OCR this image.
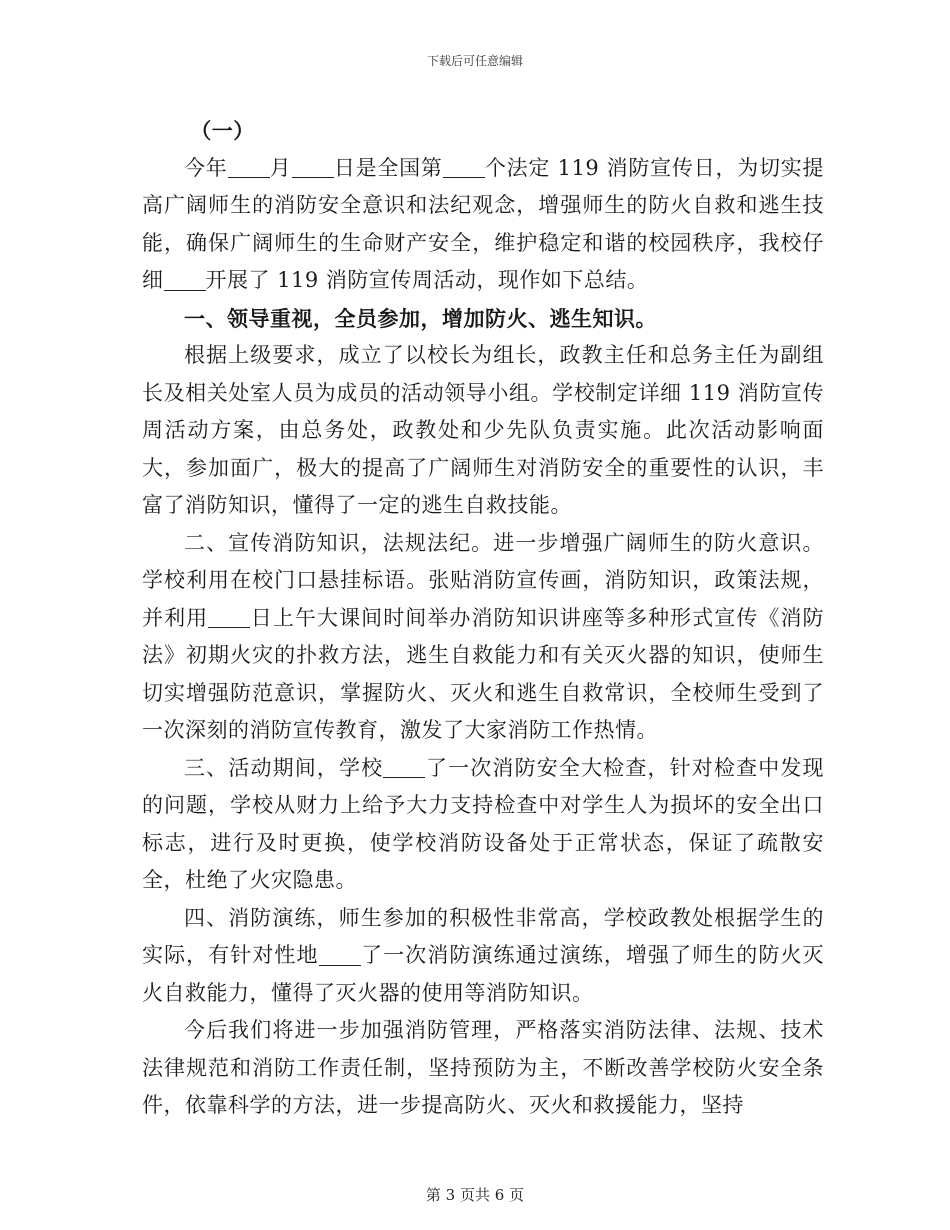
下载后可任意编辑

（一）

今年 月 日是全国第 个法定 119 消防宣传日，为切实提高广阔师生的消防安全意识和法纪观念，增强师生的防火自救和逃生技能，确保广阔师生的生命财产安全，维护稳定和谐的校园秩序，我校仔细 开展了 119 消防宣传周活动，现作如下总结。

一、领导重视，全员参加，增加防火、逃生知识。

根据上级要求，成立了以校长为组长，政教主任和总务主任为副组长及相关处室人员为成员的活动领导小组。学校制定详细 119 消防宣传周活动方案，由总务处，政教处和少先队负责实施。此次活动影响面大，参加面广，极大的提高了广阔师生对消防安全的重要性的认识，丰富了消防知识，懂得了一定的逃生自救技能。

二、宣传消防知识，法规法纪。进一步增强广阔师生的防火意识。学校利用在校门口悬挂标语。张贴消防宣传画，消防知识，政策法规，并利用 日上午大课间时间举办消防知识讲座等多种形式宣传《消防法》初期火灾的扑救方法，逃生自救能力和有关灭火器的知识，使师生切实增强防范意识，掌握防火、灭火和逃生自救常识，全校师生受到了一次深刻的消防宣传教育，激发了大家消防工作热情。

三、活动期间，学校 了一次消防安全大检查，针对检查中发现的问题，学校从财力上给予大力支持检查中对学生人为损坏的安全出口标志，进行及时更换，使学校消防设备处于正常状态，保证了疏散安全，杜绝了火灾隐患。

四、消防演练，师生参加的积极性非常高，学校政教处根据学生的实际，有针对性地 了一次消防演练通过演练，增强了师生的防火灭火自救能力，懂得了灭火器的使用等消防知识。

今后我们将进一步加强消防管理，严格落实消防法律、法规、技术法律规范和消防工作责任制，坚持预防为主，不断改善学校防火安全条件，依靠科学的方法，进一步提高防火、灭火和救援能力，坚持

第 3 页共 6 页
